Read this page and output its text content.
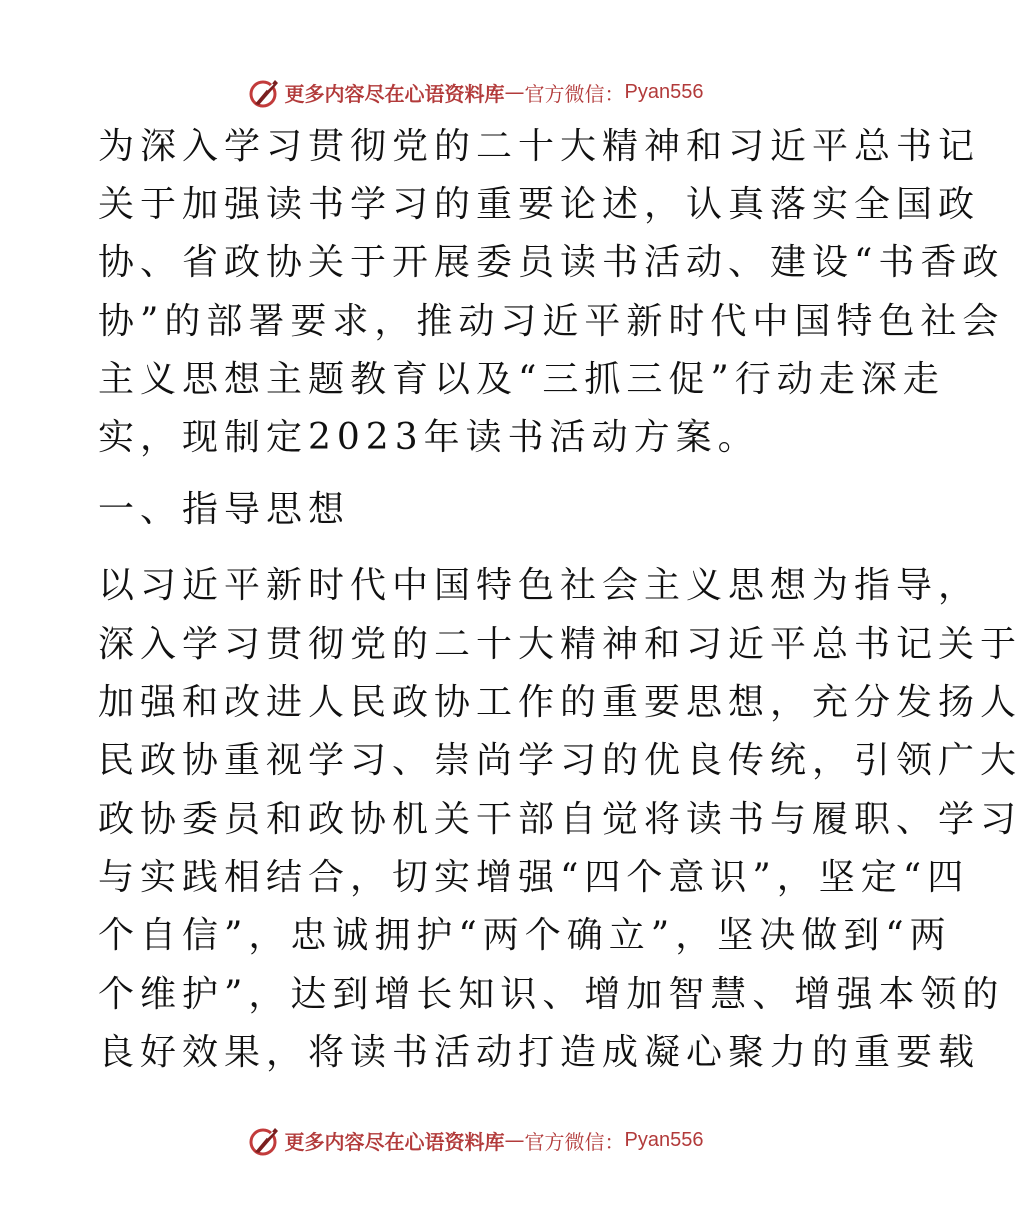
更多内容尽在心语资料库 — 官方微信： Pyan556
为深入学习贯彻党的二十大精神和习近平总书记
关于加强读书学习的重要论述，认真落实全国政
协、省政协关于开展委员读书活动、建设“书香政
协”的部署要求，推动习近平新时代中国特色社会
主义思想主题教育以及“三抓三促”行动走深走
实，现制定2023年读书活动方案。
一、指导思想
以习近平新时代中国特色社会主义思想为指导，
深入学习贯彻党的二十大精神和习近平总书记关于
加强和改进人民政协工作的重要思想，充分发扬人
民政协重视学习、崇尚学习的优良传统，引领广大
政协委员和政协机关干部自觉将读书与履职、学习
与实践相结合，切实增强“四个意识”，坚定“四
个自信”，忠诚拥护“两个确立”，坚决做到“两
个维护”，达到增长知识、增加智慧、增强本领的
良好效果，将读书活动打造成凝心聚力的重要载
更多内容尽在心语资料库 — 官方微信： Pyan556
